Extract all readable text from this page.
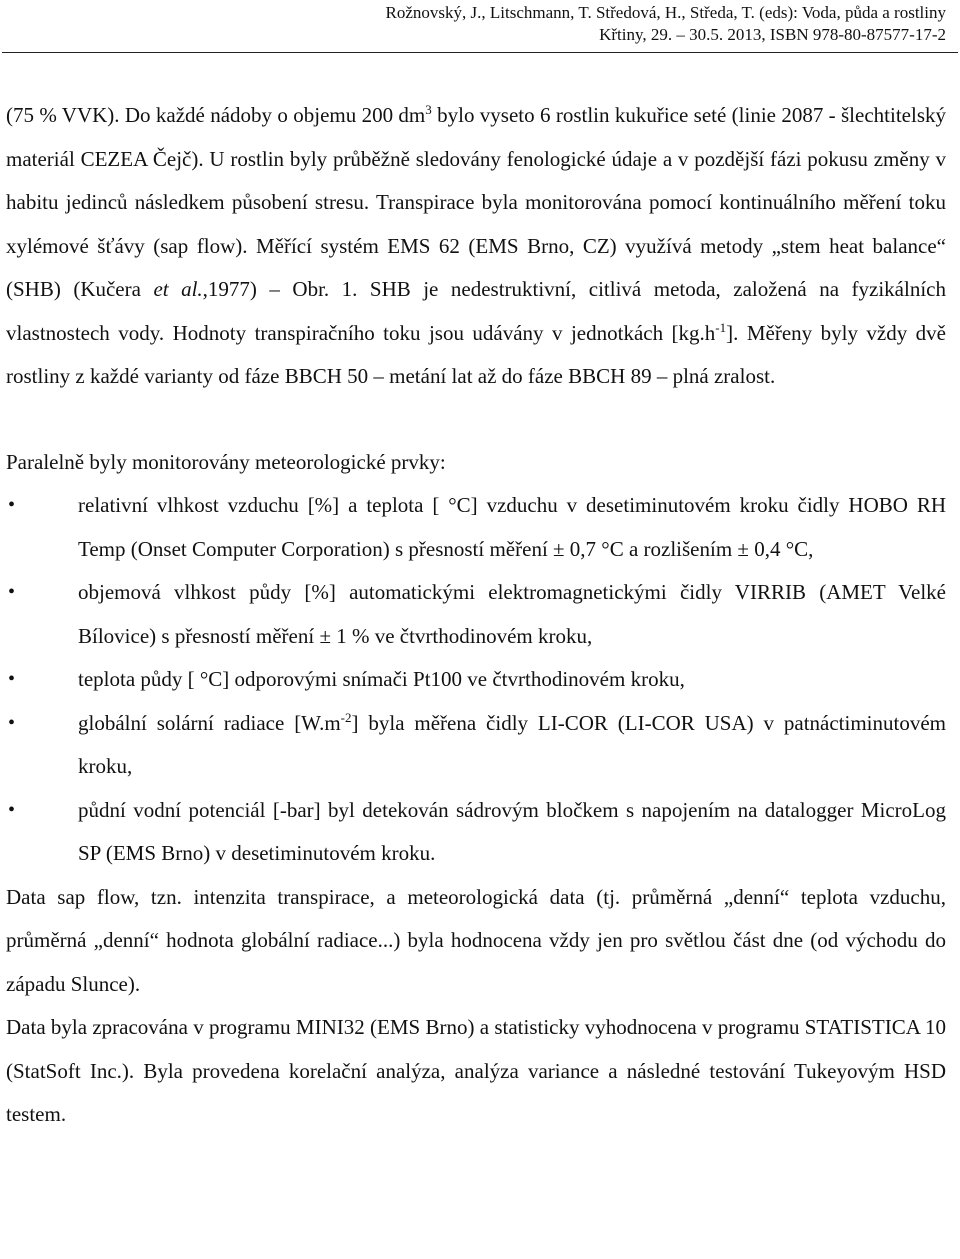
Rožnovský, J., Litschmann, T. Středová, H., Středa, T. (eds): Voda, půda a rostliny
Křtiny, 29. – 30.5. 2013, ISBN 978-80-87577-17-2

(75 % VVK). Do každé nádoby o objemu 200 $dm^3$ bylo vyseto 6 rostlin kukuřice seté (linie 2087 - šlechtitelský materiál CEZEA Čejč). U rostlin byly průběžně sledovány fenologické údaje a v pozdější fázi pokusu změny v habitu jedinců následkem působení stresu. Transpirace byla monitorována pomocí kontinuálního měření toku xylémové šťávy (sap flow). Měřící systém EMS 62 (EMS Brno, CZ) využívá metody „stem heat balance“ (SHB) (Kučera et al.,1977) – Obr. 1. SHB je nedestruktivní, citlivá metoda, založená na fyzikálních vlastnostech vody. Hodnoty transpiračního toku jsou udávány v jednotkách $[kg.h^{-1}]$. Měřeny byly vždy dvě rostliny z každé varianty od fáze BBCH 50 – metání lat až do fáze BBCH 89 – plná zralost.

Paralelně byly monitorovány meteorologické prvky:

•	relativní vlhkost vzduchu [%] a teplota [ °C] vzduchu v desetiminutovém kroku čidly HOBO RH Temp (Onset Computer Corporation) s přesností měření ± 0,7 °C a rozlišením ± 0,4 °C,
•	objemová vlhkost půdy [%] automatickými elektromagnetickými čidly VIRRIB (AMET Velké Bílovice) s přesností měření ± 1 % ve čtvrthodinovém kroku,
•	teplota půdy [ °C] odporovými snímači Pt100 ve čtvrthodinovém kroku,
•	globální solární radiace $[W.m^{-2}]$ byla měřena čidly LI-COR (LI-COR USA) v patnáctiminutovém kroku,
•	půdní vodní potenciál [-bar] byl detekován sádrovým bločkem s napojením na datalogger MicroLog SP (EMS Brno) v desetiminutovém kroku.

Data sap flow, tzn. intenzita transpirace, a meteorologická data (tj. průměrná „denní“ teplota vzduchu, průměrná „denní“ hodnota globální radiace...) byla hodnocena vždy jen pro světlou část dne (od východu do západu Slunce).

Data byla zpracována v programu MINI32 (EMS Brno) a statisticky vyhodnocena v programu STATISTICA 10 (StatSoft Inc.). Byla provedena korelační analýza, analýza variance a následné testování Tukeyovým HSD testem.
